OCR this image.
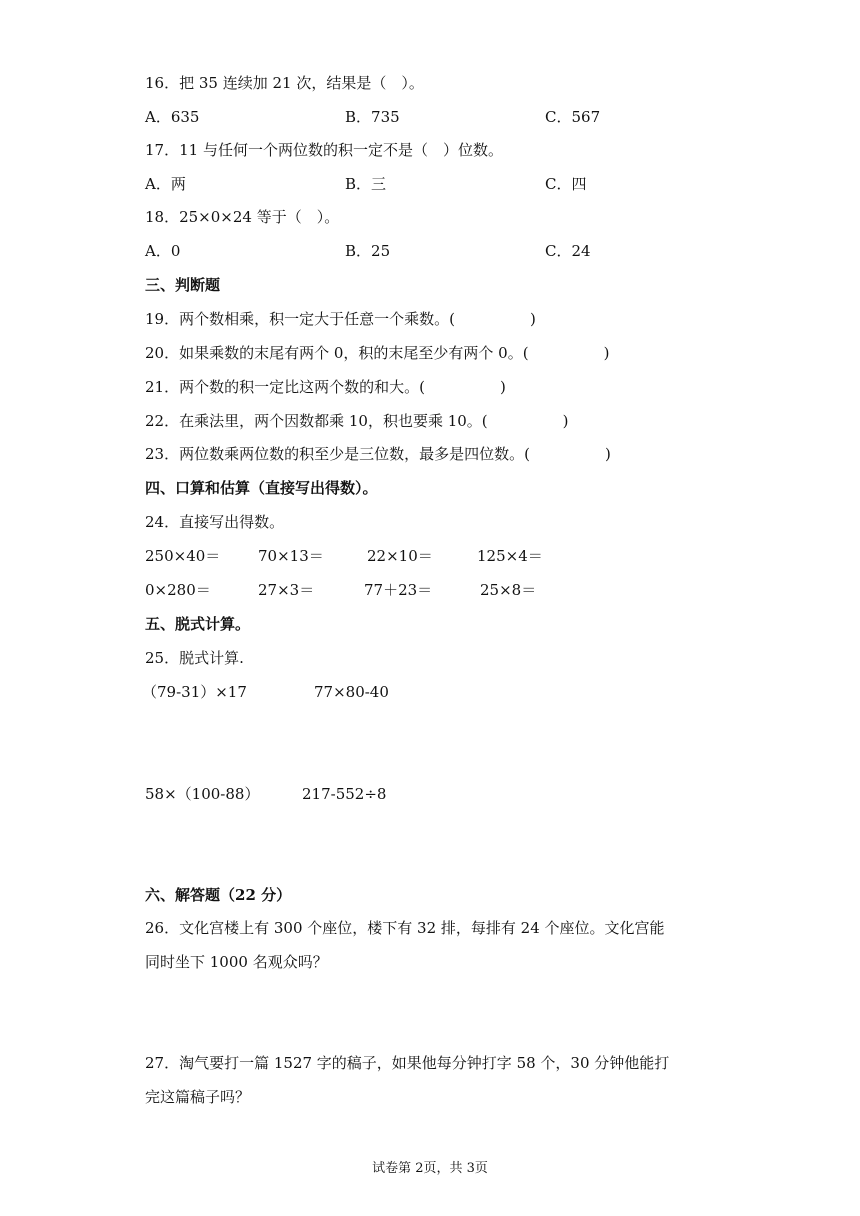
16．把 35 连续加 21 次，结果是（　）。
A．635	B．735	C．567
17．11 与任何一个两位数的积一定不是（　）位数。
A．两	B．三	C．四
18．25×0×24 等于（　）。
A．0	B．25	C．24
三、判断题
19．两个数相乘，积一定大于任意一个乘数。(　　　　　)
20．如果乘数的末尾有两个 0，积的末尾至少有两个 0。(　　　　　)
21．两个数的积一定比这两个数的和大。(　　　　　)
22．在乘法里，两个因数都乘 10，积也要乘 10。(　　　　　)
23．两位数乘两位数的积至少是三位数，最多是四位数。(　　　　　)
四、口算和估算（直接写出得数）。
24．直接写出得数。
250×40＝	70×13＝	22×10＝	125×4＝
0×280＝	27×3＝	77＋23＝	25×8＝
五、脱式计算。
25．脱式计算.
（79-31）×17	77×80-40
58×（100-88）	217-552÷8
六、解答题（22 分）
26．文化宫楼上有 300 个座位，楼下有 32 排，每排有 24 个座位。文化宫能
同时坐下 1000 名观众吗？
27．淘气要打一篇 1527 字的稿子，如果他每分钟打字 58 个，30 分钟他能打
完这篇稿子吗？
试卷第 2页，共 3页
